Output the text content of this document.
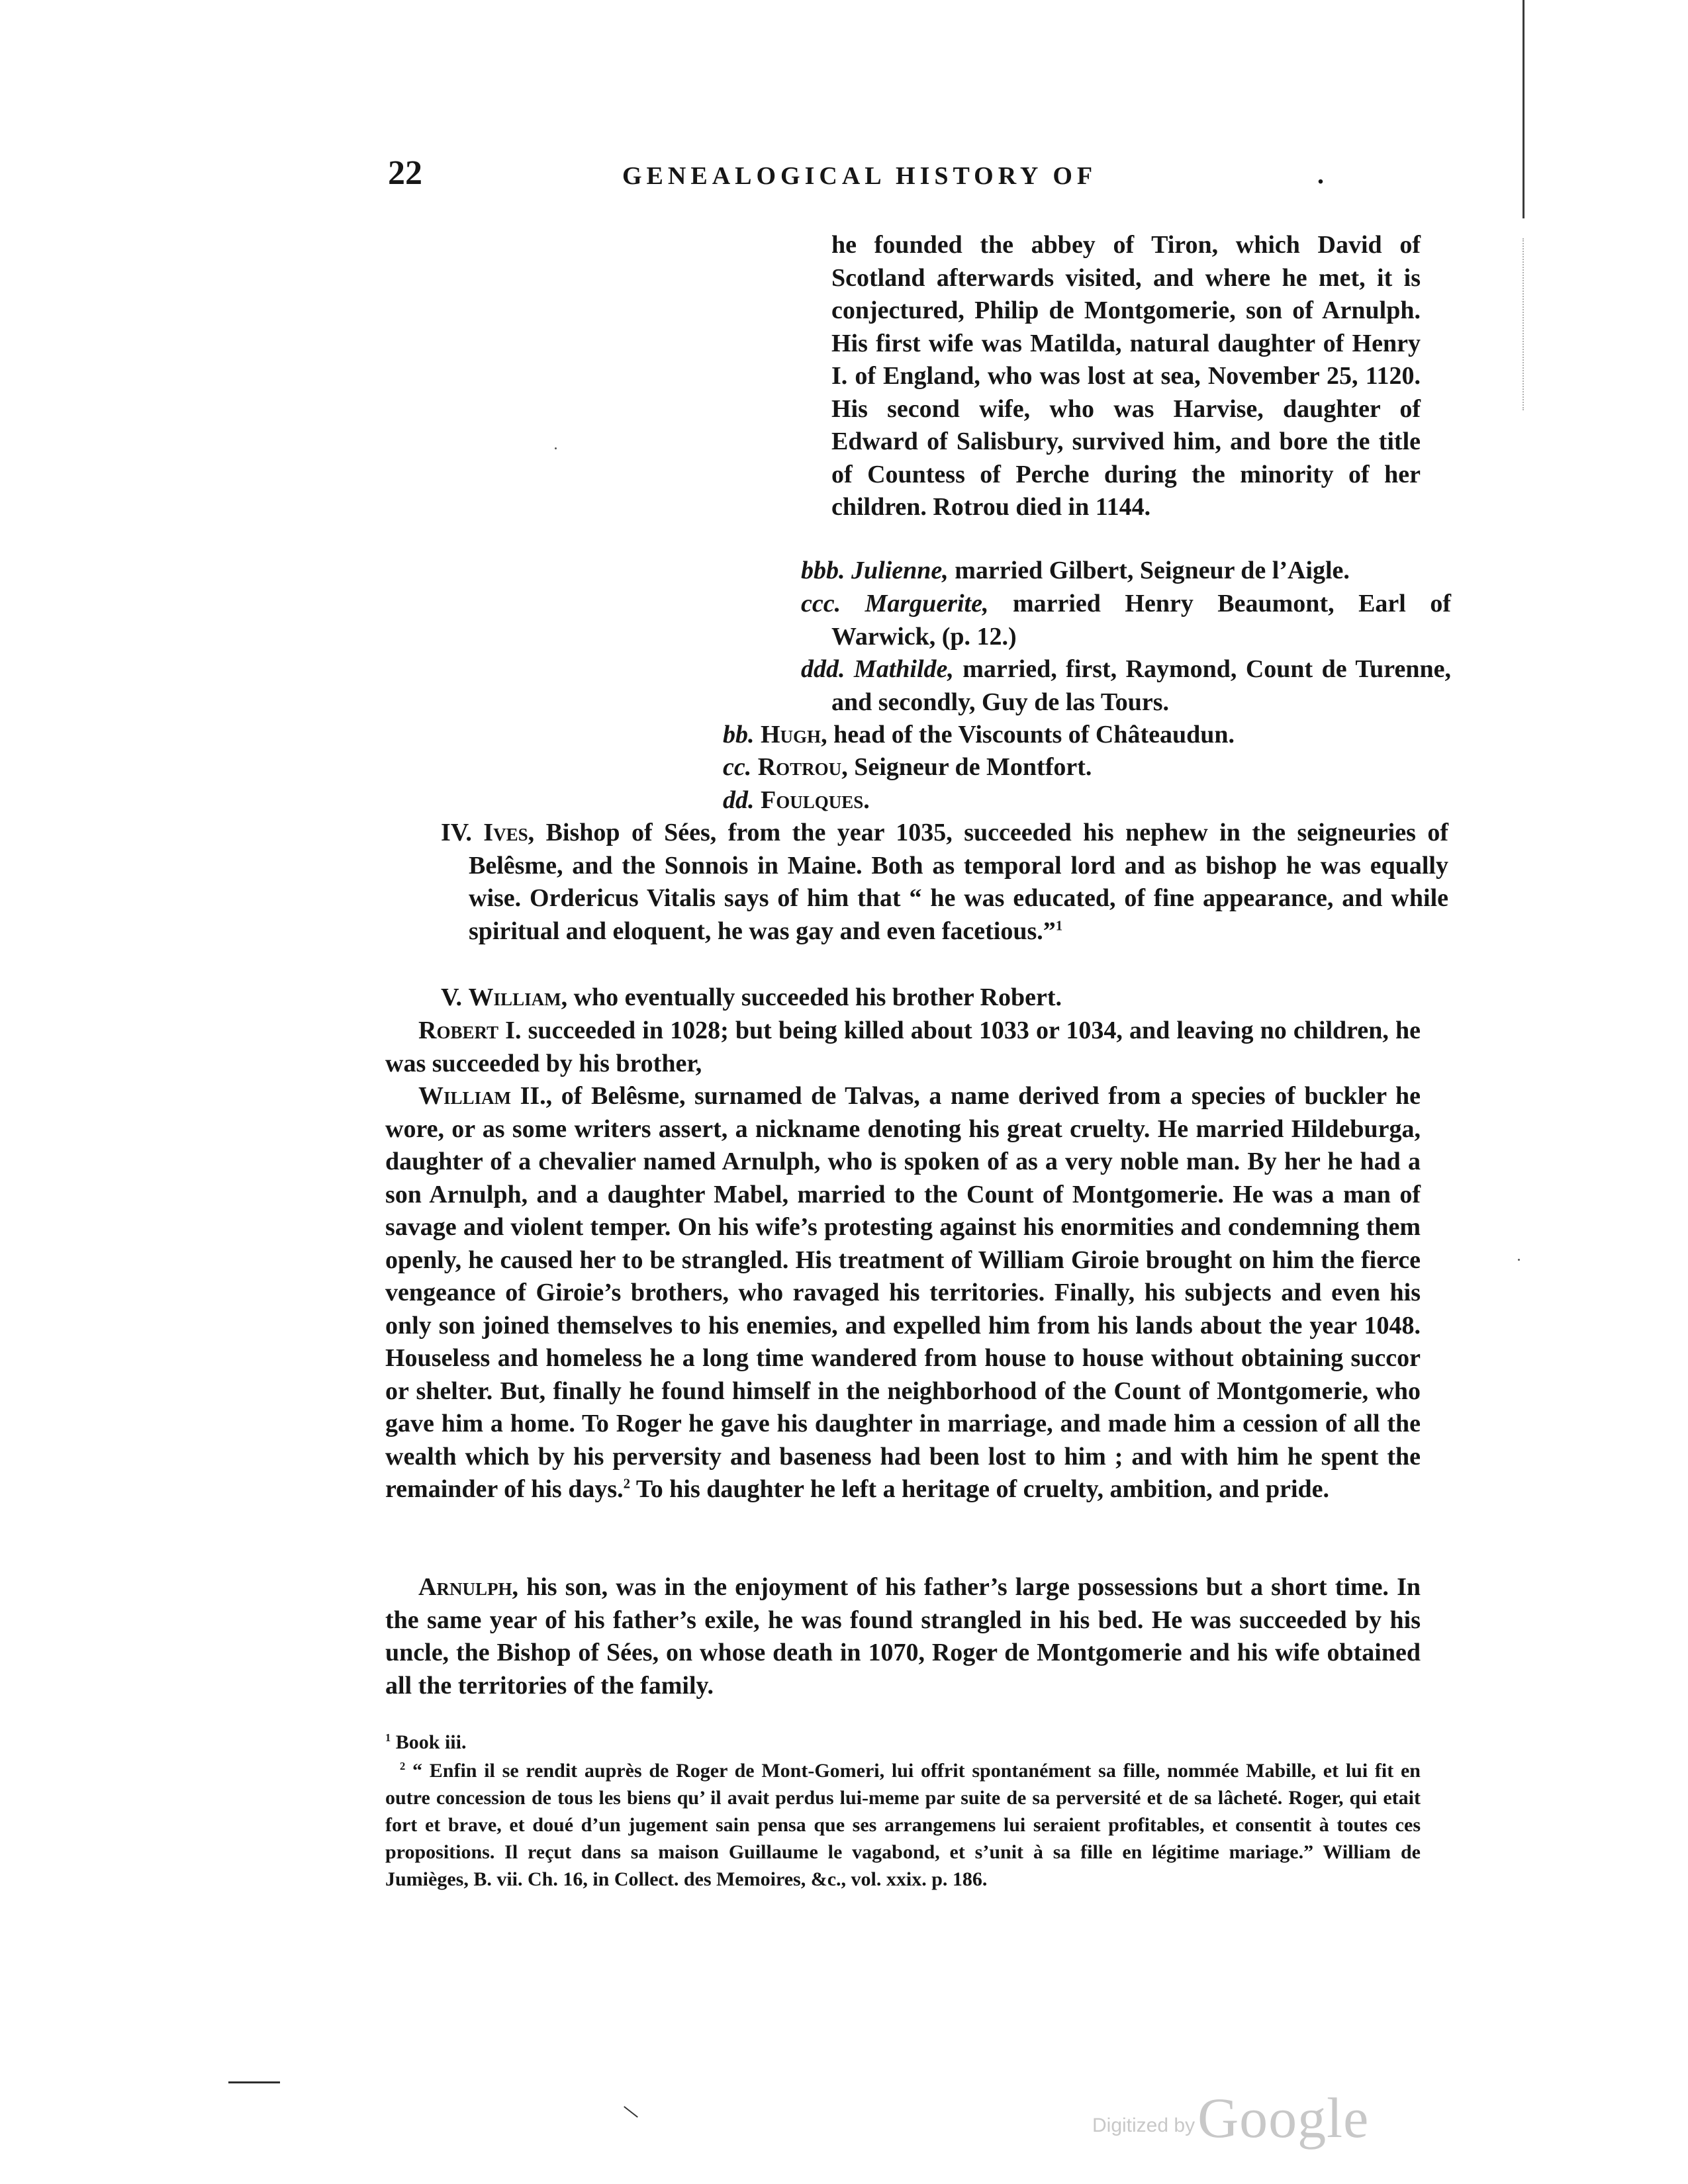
22	GENEALOGICAL HISTORY OF	.

he founded the abbey of Tiron, which David of Scotland afterwards visited, and where he met, it is conjectured, Philip de Montgomerie, son of Arnulph. His first wife was Matilda, natural daughter of Henry I. of England, who was lost at sea, November 25, 1120. His second wife, who was Harvise, daughter of Edward of Salisbury, survived him, and bore the title of Countess of Perche during the minority of her children. Rotrou died in 1144.

bbb. Julienne, married Gilbert, Seigneur de l’Aigle.

ccc. Marguerite, married Henry Beaumont, Earl of Warwick, (p. 12.)

ddd. Mathilde, married, first, Raymond, Count de Turenne, and secondly, Guy de las Tours.

bb. Hugh, head of the Viscounts of Châteaudun.

cc. Rotrou, Seigneur de Montfort.

dd. Foulques.

IV. Ives, Bishop of Sées, from the year 1035, succeeded his nephew in the seigneuries of Belêsme, and the Sonnois in Maine. Both as temporal lord and as bishop he was equally wise. Ordericus Vitalis says of him that “ he was educated, of fine appearance, and while spiritual and eloquent, he was gay and even facetious.”$^1$

V. William, who eventually succeeded his brother Robert.

Robert I. succeeded in 1028; but being killed about 1033 or 1034, and leaving no children, he was succeeded by his brother,

William II., of Belêsme, surnamed de Talvas, a name derived from a species of buckler he wore, or as some writers assert, a nickname denoting his great cruelty. He married Hildeburga, daughter of a chevalier named Arnulph, who is spoken of as a very noble man. By her he had a son Arnulph, and a daughter Mabel, married to the Count of Montgomerie. He was a man of savage and violent temper. On his wife’s protesting against his enormities and condemning them openly, he caused her to be strangled. His treatment of William Giroie brought on him the fierce vengeance of Giroie’s brothers, who ravaged his territories. Finally, his subjects and even his only son joined themselves to his enemies, and expelled him from his lands about the year 1048. Houseless and homeless he a long time wandered from house to house without obtaining succor or shelter. But, finally he found himself in the neighborhood of the Count of Montgomerie, who gave him a home. To Roger he gave his daughter in marriage, and made him a cession of all the wealth which by his perversity and baseness had been lost to him ; and with him he spent the remainder of his days.$^2$ To his daughter he left a heritage of cruelty, ambition, and pride.

Arnulph, his son, was in the enjoyment of his father’s large possessions but a short time. In the same year of his father’s exile, he was found strangled in his bed. He was succeeded by his uncle, the Bishop of Sées, on whose death in 1070, Roger de Montgomerie and his wife obtained all the territories of the family.

$^1$ Book iii.

$^2$ “ Enfin il se rendit auprès de Roger de Mont-Gomeri, lui offrit spontanément sa fille, nommée Mabille, et lui fit en outre concession de tous les biens qu’ il avait perdus lui-meme par suite de sa perversité et de sa lâcheté. Roger, qui etait fort et brave, et doué d’un jugement sain pensa que ses arrangemens lui seraient profitables, et consentit à toutes ces propositions. Il reçut dans sa maison Guillaume le vagabond, et s’unit à sa fille en légitime mariage.” William de Jumièges, B. vii. Ch. 16, in Collect. des Memoires, &c., vol. xxix. p. 186.

Digitized by Google
